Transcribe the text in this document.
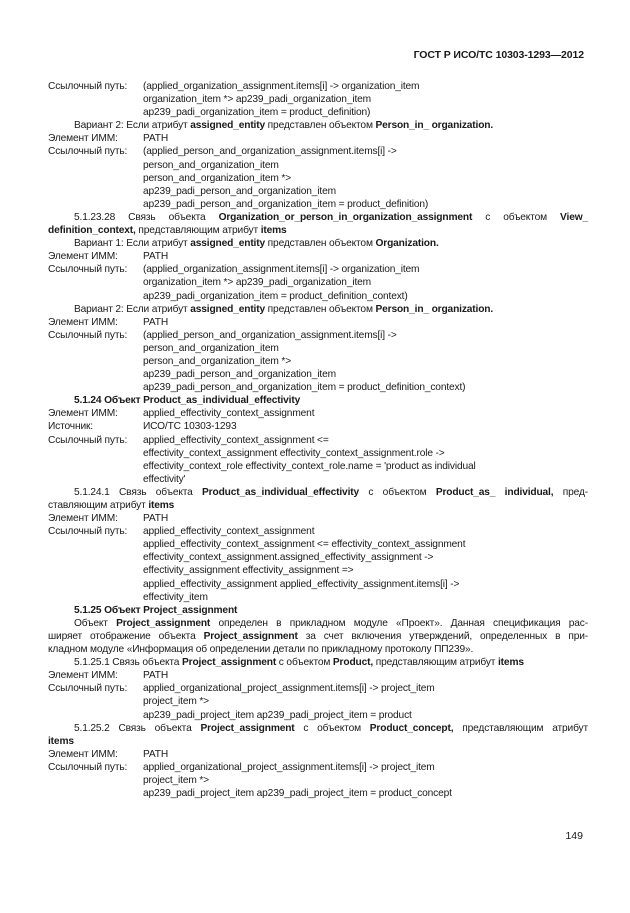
ГОСТ Р ИСО/ТС 10303-1293—2012
Ссылочный путь:	(applied_organization_assignment.items[i] -> organization_item
organization_item *> ap239_padi_organization_item
ap239_padi_organization_item = product_definition)
Вариант 2: Если атрибут assigned_entity представлен объектом Person_in_ organization.
Элемент ИММ:	PATH
Ссылочный путь:	(applied_person_and_organization_assignment.items[i] ->
person_and_organization_item
person_and_organization_item *>
ap239_padi_person_and_organization_item
ap239_padi_person_and_organization_item = product_definition)
5.1.23.28 Связь объекта Organization_or_person_in_organization_assignment с объектом View_
definition_context, представляющим атрибут items
Вариант 1: Если атрибут assigned_entity представлен объектом Organization.
Элемент ИММ:	PATH
Ссылочный путь:	(applied_organization_assignment.items[i] -> organization_item
organization_item *> ap239_padi_organization_item
ap239_padi_organization_item = product_definition_context)
Вариант 2: Если атрибут assigned_entity представлен объектом Person_in_ organization.
Элемент ИММ:	PATH
Ссылочный путь:	(applied_person_and_organization_assignment.items[i] ->
person_and_organization_item
person_and_organization_item *>
ap239_padi_person_and_organization_item
ap239_padi_person_and_organization_item = product_definition_context)
5.1.24 Объект Product_as_individual_effectivity
Элемент ИММ:	applied_effectivity_context_assignment
Источник:	ИСО/ТС 10303-1293
Ссылочный путь:	applied_effectivity_context_assignment <=
effectivity_context_assignment effectivity_context_assignment.role ->
effectivity_context_role effectivity_context_role.name = 'product as individual
effectivity'
5.1.24.1 Связь объекта Product_as_individual_effectivity с объектом Product_as_ individual, пред-
ставляющим атрибут items
Элемент ИММ:	PATH
Ссылочный путь:	applied_effectivity_context_assignment
applied_effectivity_context_assignment <= effectivity_context_assignment
effectivity_context_assignment.assigned_effectivity_assignment ->
effectivity_assignment effectivity_assignment =>
applied_effectivity_assignment applied_effectivity_assignment.items[i] ->
effectivity_item
5.1.25 Объект Project_assignment
Объект Project_assignment определен в прикладном модуле «Проект». Данная спецификация рас-
ширяет отображение объекта Project_assignment за счет включения утверждений, определенных в при-
кладном модуле «Информация об определении детали по прикладному протоколу ПП239».
5.1.25.1 Связь объекта Project_assignment с объектом Product, представляющим атрибут items
Элемент ИММ:	PATH
Ссылочный путь:	applied_organizational_project_assignment.items[i] -> project_item
project_item *>
ap239_padi_project_item ap239_padi_project_item = product
5.1.25.2 Связь объекта Project_assignment с объектом Product_concept, представляющим атрибут
items
Элемент ИММ:	PATH
Ссылочный путь:	applied_organizational_project_assignment.items[i] -> project_item
project_item *>
ap239_padi_project_item ap239_padi_project_item = product_concept
149
